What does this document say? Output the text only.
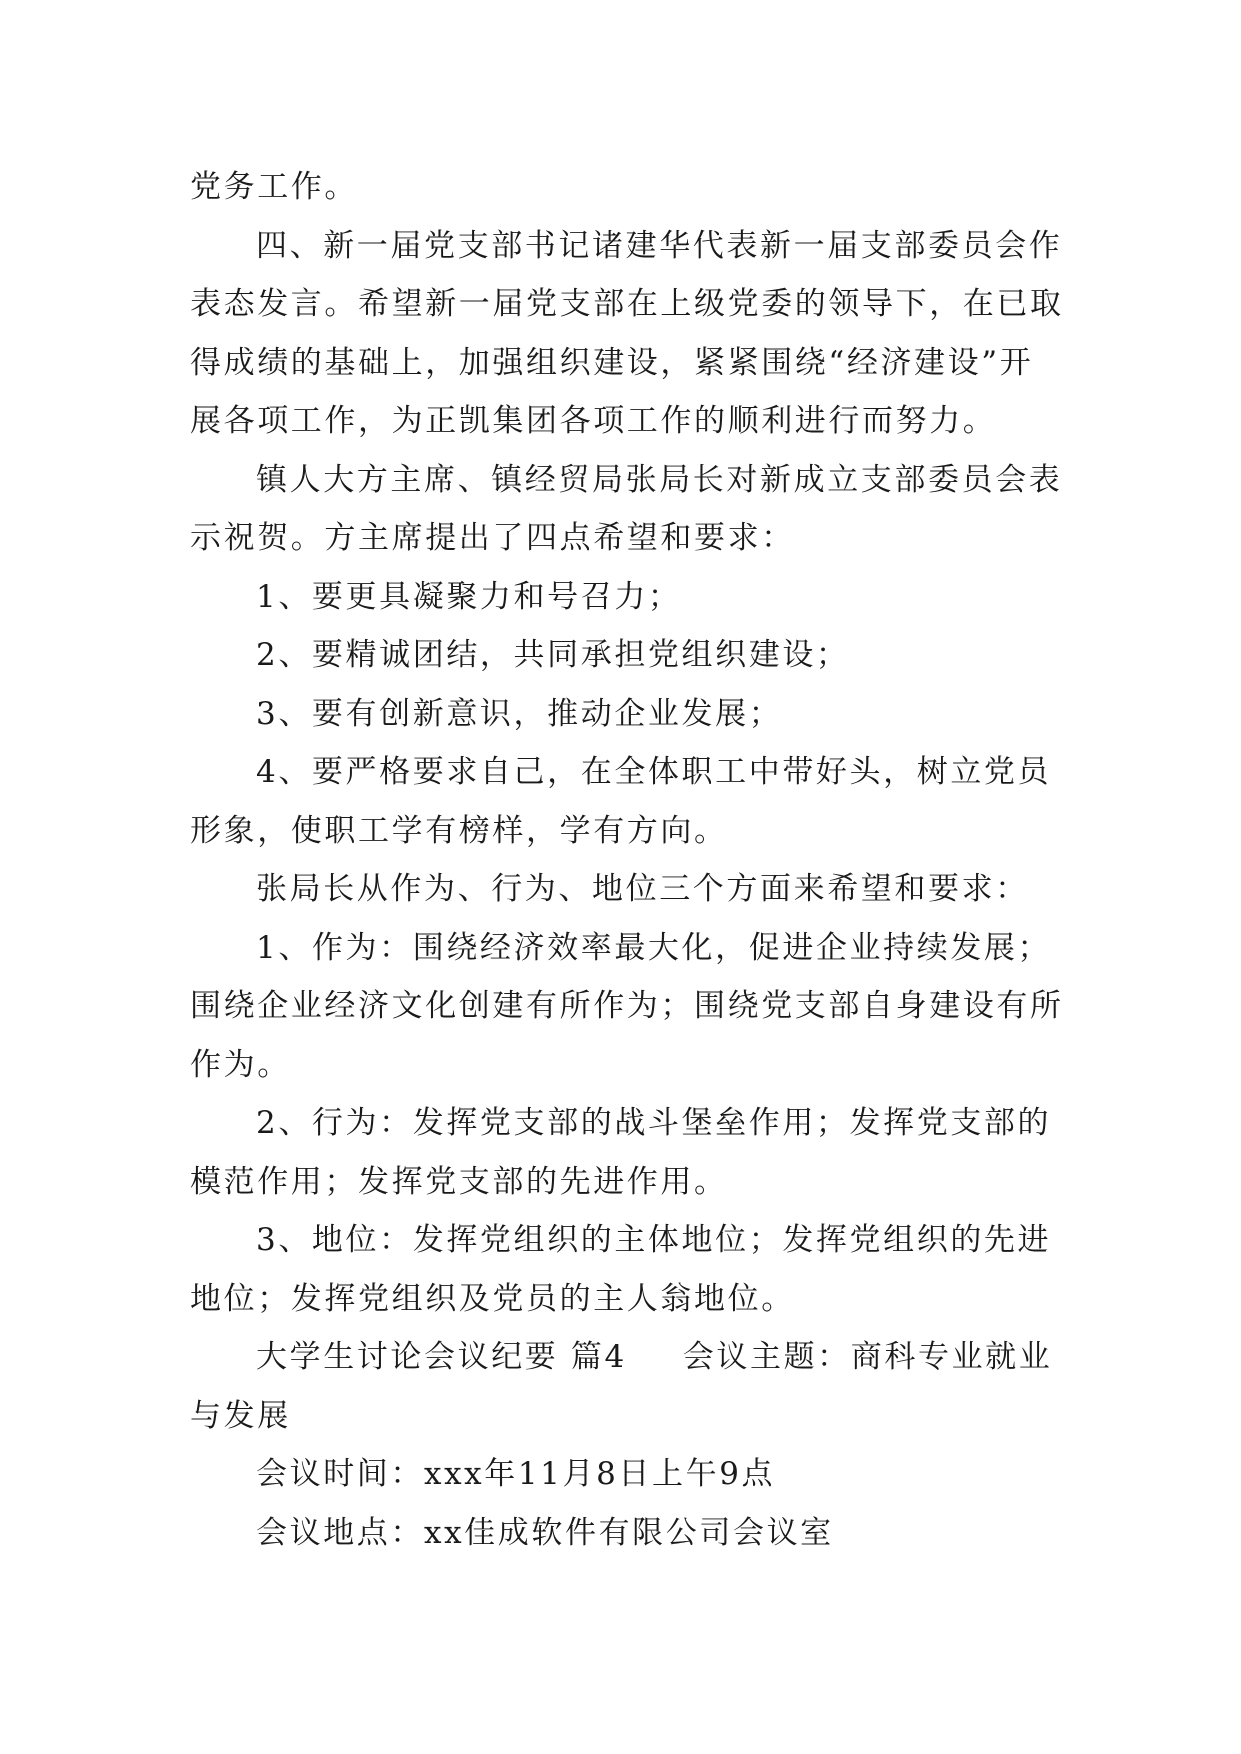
党务工作。
四、新一届党支部书记诸建华代表新一届支部委员会作
表态发言。希望新一届党支部在上级党委的领导下，在已取
得成绩的基础上，加强组织建设，紧紧围绕“经济建设”开
展各项工作，为正凯集团各项工作的顺利进行而努力。
镇人大方主席、镇经贸局张局长对新成立支部委员会表
示祝贺。方主席提出了四点希望和要求：
1、要更具凝聚力和号召力；
2、要精诚团结，共同承担党组织建设；
3、要有创新意识，推动企业发展；
4、要严格要求自己，在全体职工中带好头，树立党员
形象，使职工学有榜样，学有方向。
张局长从作为、行为、地位三个方面来希望和要求：
1、作为：围绕经济效率最大化，促进企业持续发展；
围绕企业经济文化创建有所作为；围绕党支部自身建设有所
作为。
2、行为：发挥党支部的战斗堡垒作用；发挥党支部的
模范作用；发挥党支部的先进作用。
3、地位：发挥党组织的主体地位；发挥党组织的先进
地位；发挥党组织及党员的主人翁地位。
大学生讨论会议纪要 篇4 会议主题：商科专业就业
与发展
会议时间：xxx年11月8日上午9点
会议地点：xx佳成软件有限公司会议室
